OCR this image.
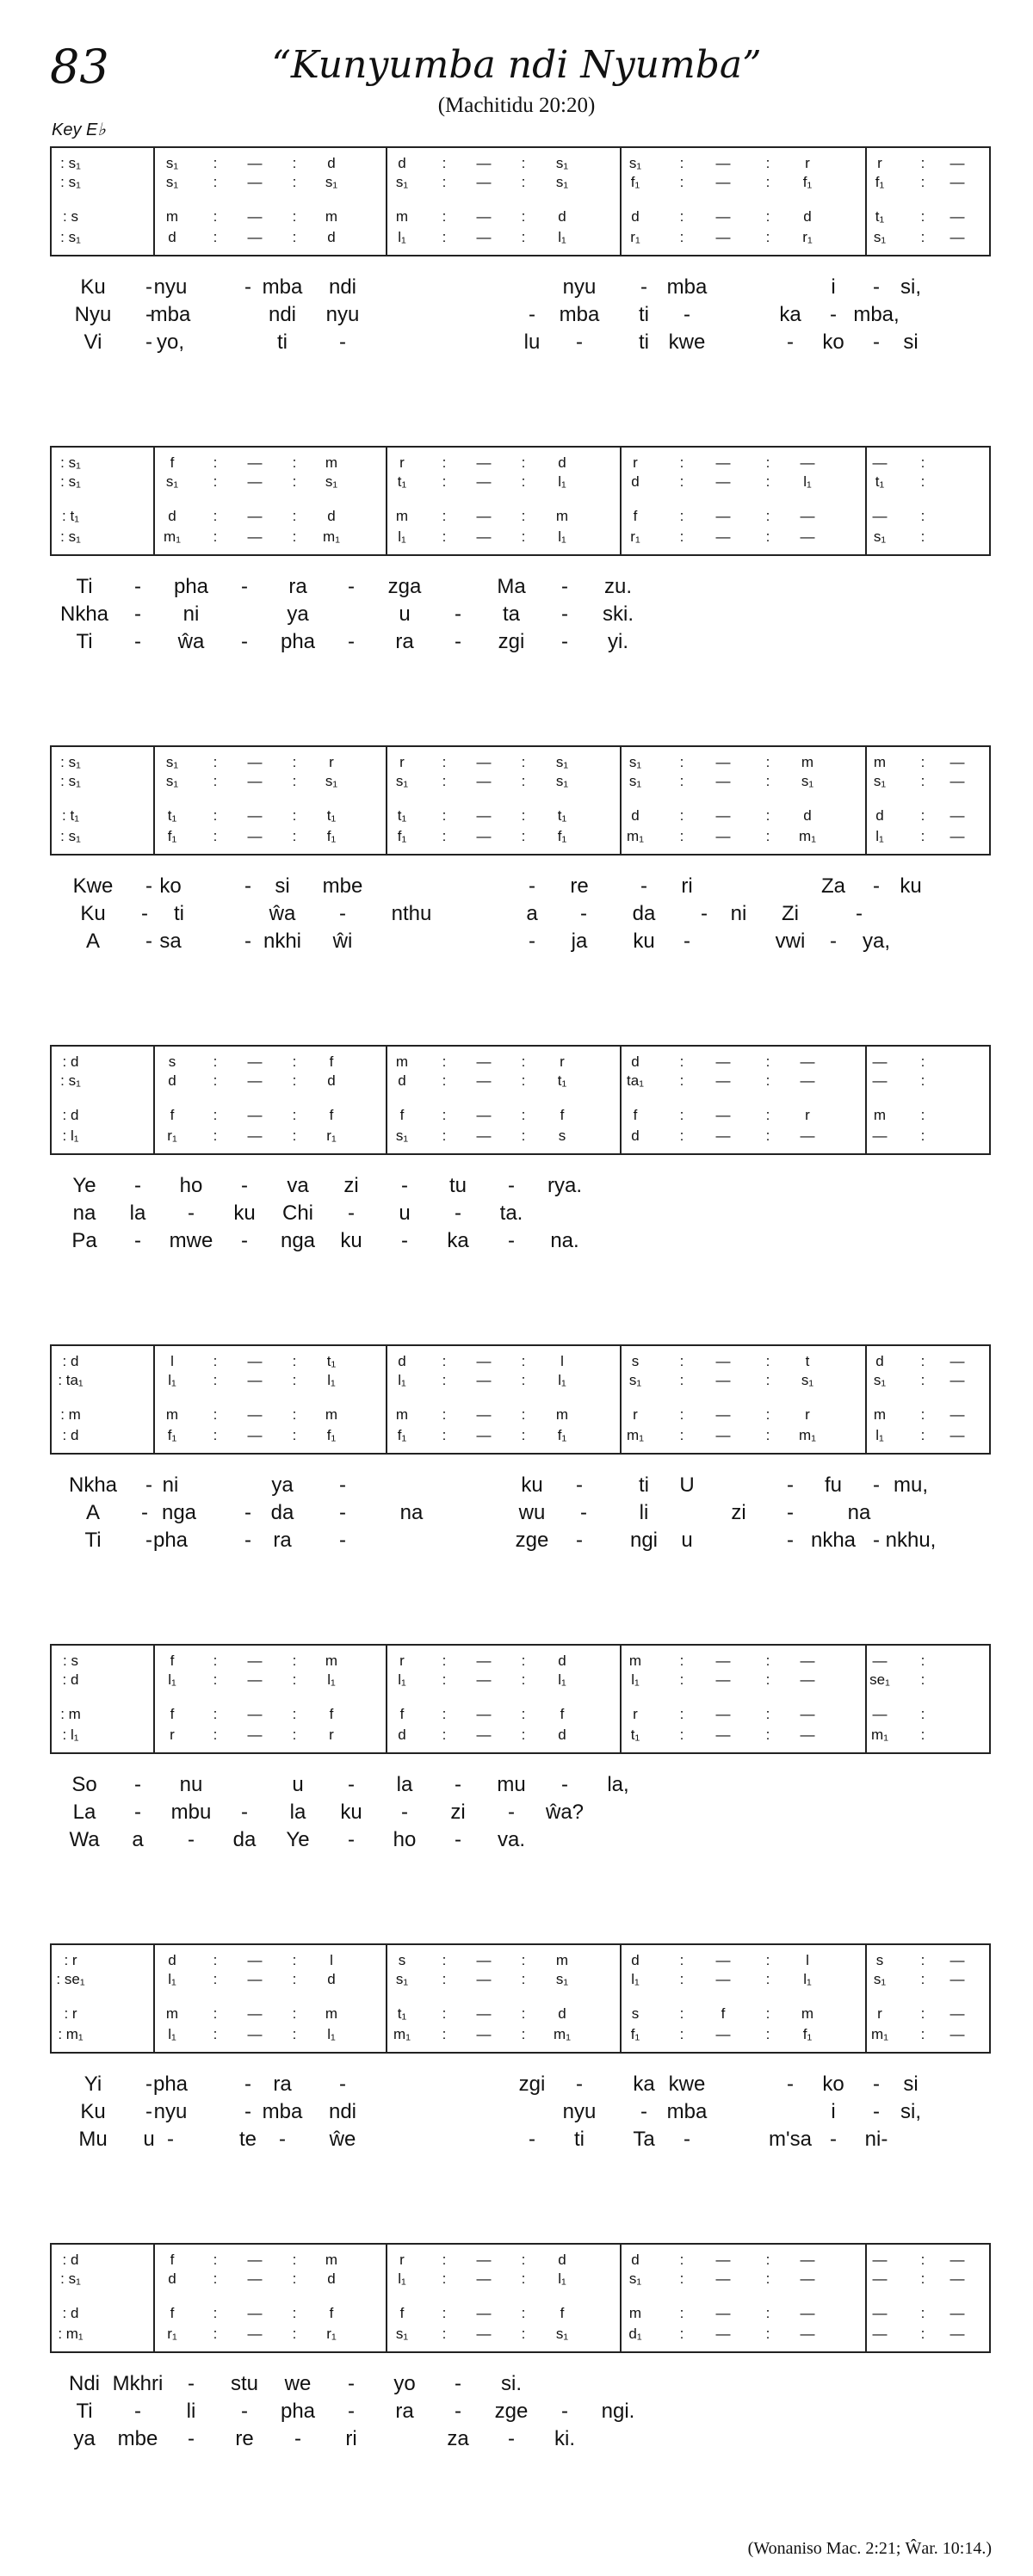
83	“Kunyumba ndi Nyumba”
(Machitidu 20:20)
Key E♭
: s₁	s₁	:	—	:	d	d	:	—	:	s₁	s₁	:	—	:	r	r	:	—
: s₁	s₁	:	—	:	s₁	s₁	:	—	:	s₁	f₁	:	—	:	f₁	f₁	:	—
: s	m	:	—	:	m	m	:	—	:	d	d	:	—	:	d	t₁	:	—
: s₁	d	:	—	:	d	l₁	:	—	:	l₁	r₁	:	—	:	r₁	s₁	:	—
Ku - nyu	- mba ndi	nyu - mba	i - si,
Nyu -
mba	ndi nyu	- mba ti -	ka - mba,
Vi - yo,	ti	-	lu -	ti kwe	- ko - si
: s₁	f	:	—	:	m	r	:	—	:	d	r	:	—	:	—	—	:
: s₁	s₁	:	—	:	s₁	t₁	:	—	:	l₁	d	:	—	:	l₁	t₁	:
: t₁	d	:	—	:	d	m	:	—	:	m	f	:	—	:	—	—	:
: s₁	m₁	:	—	:	m₁	l₁	:	—	:	l₁	r₁	:	—	:	—	s₁	:
Ti - pha - ra - zga	Ma - zu.
Nkha - ni	ya	u - ta - ski.
Ti - ŵa - pha - ra - zgi - yi.
: s₁	s₁	:	—	:	r	r	:	—	:	s₁	s₁	:	—	:	m	m	:	—
: s₁	s₁	:	—	:	s₁	s₁	:	—	:	s₁	s₁	:	—	:	s₁	s₁	:	—
: t₁	t₁	:	—	:	t₁	t₁	:	—	:	t₁	d	:	—	:	d	d	:	—
: s₁	f₁	:	—	:	f₁	f₁	:	—	:	f₁	m₁	:	—	:	m₁	l₁	:	—
Kwe - ko	- si mbe	- re	- ri	Za - ku
Ku - ti	ŵa - nthu	a - da - ni Zi	-
A - sa	- nkhi ŵi	- ja ku -	vwi - ya,
: d	s	:	—	:	f	m	:	—	:	r	d	:	—	:	—	—	:
: s₁	d	:	—	:	d	d	:	—	:	t₁	ta₁	:	—	:	—	—	:
: d	f	:	—	:	f	f	:	—	:	f	f	:	—	:	r	m	:
: l₁	r₁	:	—	:	r₁	s₁	:	—	:	s	d	:	—	:	—	—	:
Ye - ho - va zi - tu - rya.
na la - ku Chi - u - ta.
Pa - mwe - nga ku - ka - na.
: d	l	:	—	:	t₁	d	:	—	:	l	s	:	—	:	t	d	:	—
: ta₁	l₁	:	—	:	l₁	l₁	:	—	:	l₁	s₁	:	—	:	s₁	s₁	:	—
: m	m	:	—	:	m	m	:	—	:	m	r	:	—	:	r	m	:	—
: d	f₁	:	—	:	f₁	f₁	:	—	:	f₁	m₁	:	—	:	m₁	l₁	:	—
Nkha - ni	ya -	ku -	ti U	- fu - mu,
A - nga - da -	na	wu -	li	zi -	na
Ti - pha	- ra -	zge - ngi u	- nkha - nkhu,
: s	f	:	—	:	m	r	:	—	:	d	m	:	—	:	—	—	:
: d	l₁	:	—	:	l₁	l₁	:	—	:	l₁	l₁	:	—	:	—	se₁	:
: m	f	:	—	:	f	f	:	—	:	f	r	:	—	:	—	—	:
: l₁	r	:	—	:	r	d	:	—	:	d	t₁	:	—	:	—	m₁	:
So - nu	u - la - mu - la,
La - mbu - la ku - zi - ŵa?
Wa a - da Ye - ho - va.
: r	d	:	—	:	l	s	:	—	:	m	d	:	—	:	l	s	:	—
: se₁	l₁	:	—	:	d	s₁	:	—	:	s₁	l₁	:	—	:	l₁	s₁	:	—
: r	m	:	—	:	m	t₁	:	—	:	d	s	:	f	:	m	r	:	—
: m₁	l₁	:	—	:	l₁	m₁	:	—	:	m₁	f₁	:	—	:	f₁	m₁	:	—
Yi - pha	- ra -	zgi - ka kwe	- ko - si
Ku - nyu	- mba ndi	nyu - mba	i - si,
Mu u -	te - ŵe	- ti Ta -	m'sa - ni-
: d	f	:	—	:	m	r	:	—	:	d	d	:	—	:	—	—	:	—
: s₁	d	:	—	:	d	l₁	:	—	:	l₁	s₁	:	—	:	—	—	:	—
: d	f	:	—	:	f	f	:	—	:	f	m	:	—	:	—	—	:	—
: m₁	r₁	:	—	:	r₁	s₁	:	—	:	s₁	d₁	:	—	:	—	—	:	—
Ndi Mkhri - stu we - yo - si.
Ti - li - pha - ra - zge - ngi.
ya mbe - re - ri	za - ki.
(Wonaniso Mac. 2:21; Ŵar. 10:14.)
